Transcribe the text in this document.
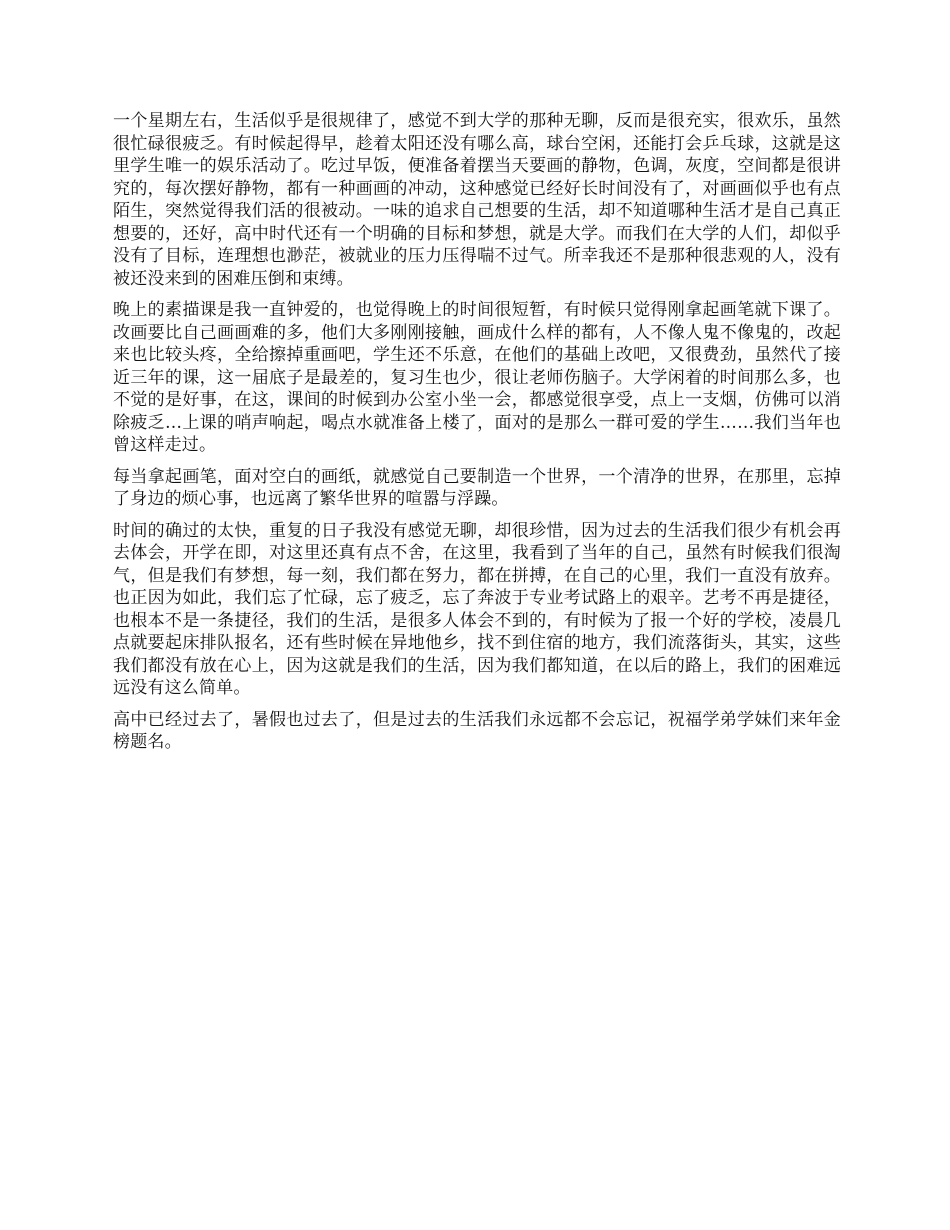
一个星期左右，生活似乎是很规律了，感觉不到大学的那种无聊，反而是很充实，很欢乐，虽然很忙碌很疲乏。有时候起得早，趁着太阳还没有哪么高，球台空闲，还能打会乒乓球，这就是这里学生唯一的娱乐活动了。吃过早饭，便准备着摆当天要画的静物，色调，灰度，空间都是很讲究的，每次摆好静物，都有一种画画的冲动，这种感觉已经好长时间没有了，对画画似乎也有点陌生，突然觉得我们活的很被动。一味的追求自己想要的生活，却不知道哪种生活才是自己真正想要的，还好，高中时代还有一个明确的目标和梦想，就是大学。而我们在大学的人们，却似乎没有了目标，连理想也渺茫，被就业的压力压得喘不过气。所幸我还不是那种很悲观的人，没有被还没来到的困难压倒和束缚。

晚上的素描课是我一直钟爱的，也觉得晚上的时间很短暂，有时候只觉得刚拿起画笔就下课了。改画要比自己画画难的多，他们大多刚刚接触，画成什么样的都有，人不像人鬼不像鬼的，改起来也比较头疼，全给擦掉重画吧，学生还不乐意，在他们的基础上改吧，又很费劲，虽然代了接近三年的课，这一届底子是最差的，复习生也少，很让老师伤脑子。大学闲着的时间那么多，也不觉的是好事，在这，课间的时候到办公室小坐一会，都感觉很享受，点上一支烟，仿佛可以消除疲乏…上课的哨声响起，喝点水就准备上楼了，面对的是那么一群可爱的学生……我们当年也曾这样走过。

每当拿起画笔，面对空白的画纸，就感觉自己要制造一个世界，一个清净的世界，在那里，忘掉了身边的烦心事，也远离了繁华世界的喧嚣与浮躁。

时间的确过的太快，重复的日子我没有感觉无聊，却很珍惜，因为过去的生活我们很少有机会再去体会，开学在即，对这里还真有点不舍，在这里，我看到了当年的自己，虽然有时候我们很淘气，但是我们有梦想，每一刻，我们都在努力，都在拼搏，在自己的心里，我们一直没有放弃。也正因为如此，我们忘了忙碌，忘了疲乏，忘了奔波于专业考试路上的艰辛。艺考不再是捷径，也根本不是一条捷径，我们的生活，是很多人体会不到的，有时候为了报一个好的学校，凌晨几点就要起床排队报名，还有些时候在异地他乡，找不到住宿的地方，我们流落街头，其实，这些我们都没有放在心上，因为这就是我们的生活，因为我们都知道，在以后的路上，我们的困难远远没有这么简单。

高中已经过去了，暑假也过去了，但是过去的生活我们永远都不会忘记，祝福学弟学妹们来年金榜题名。
